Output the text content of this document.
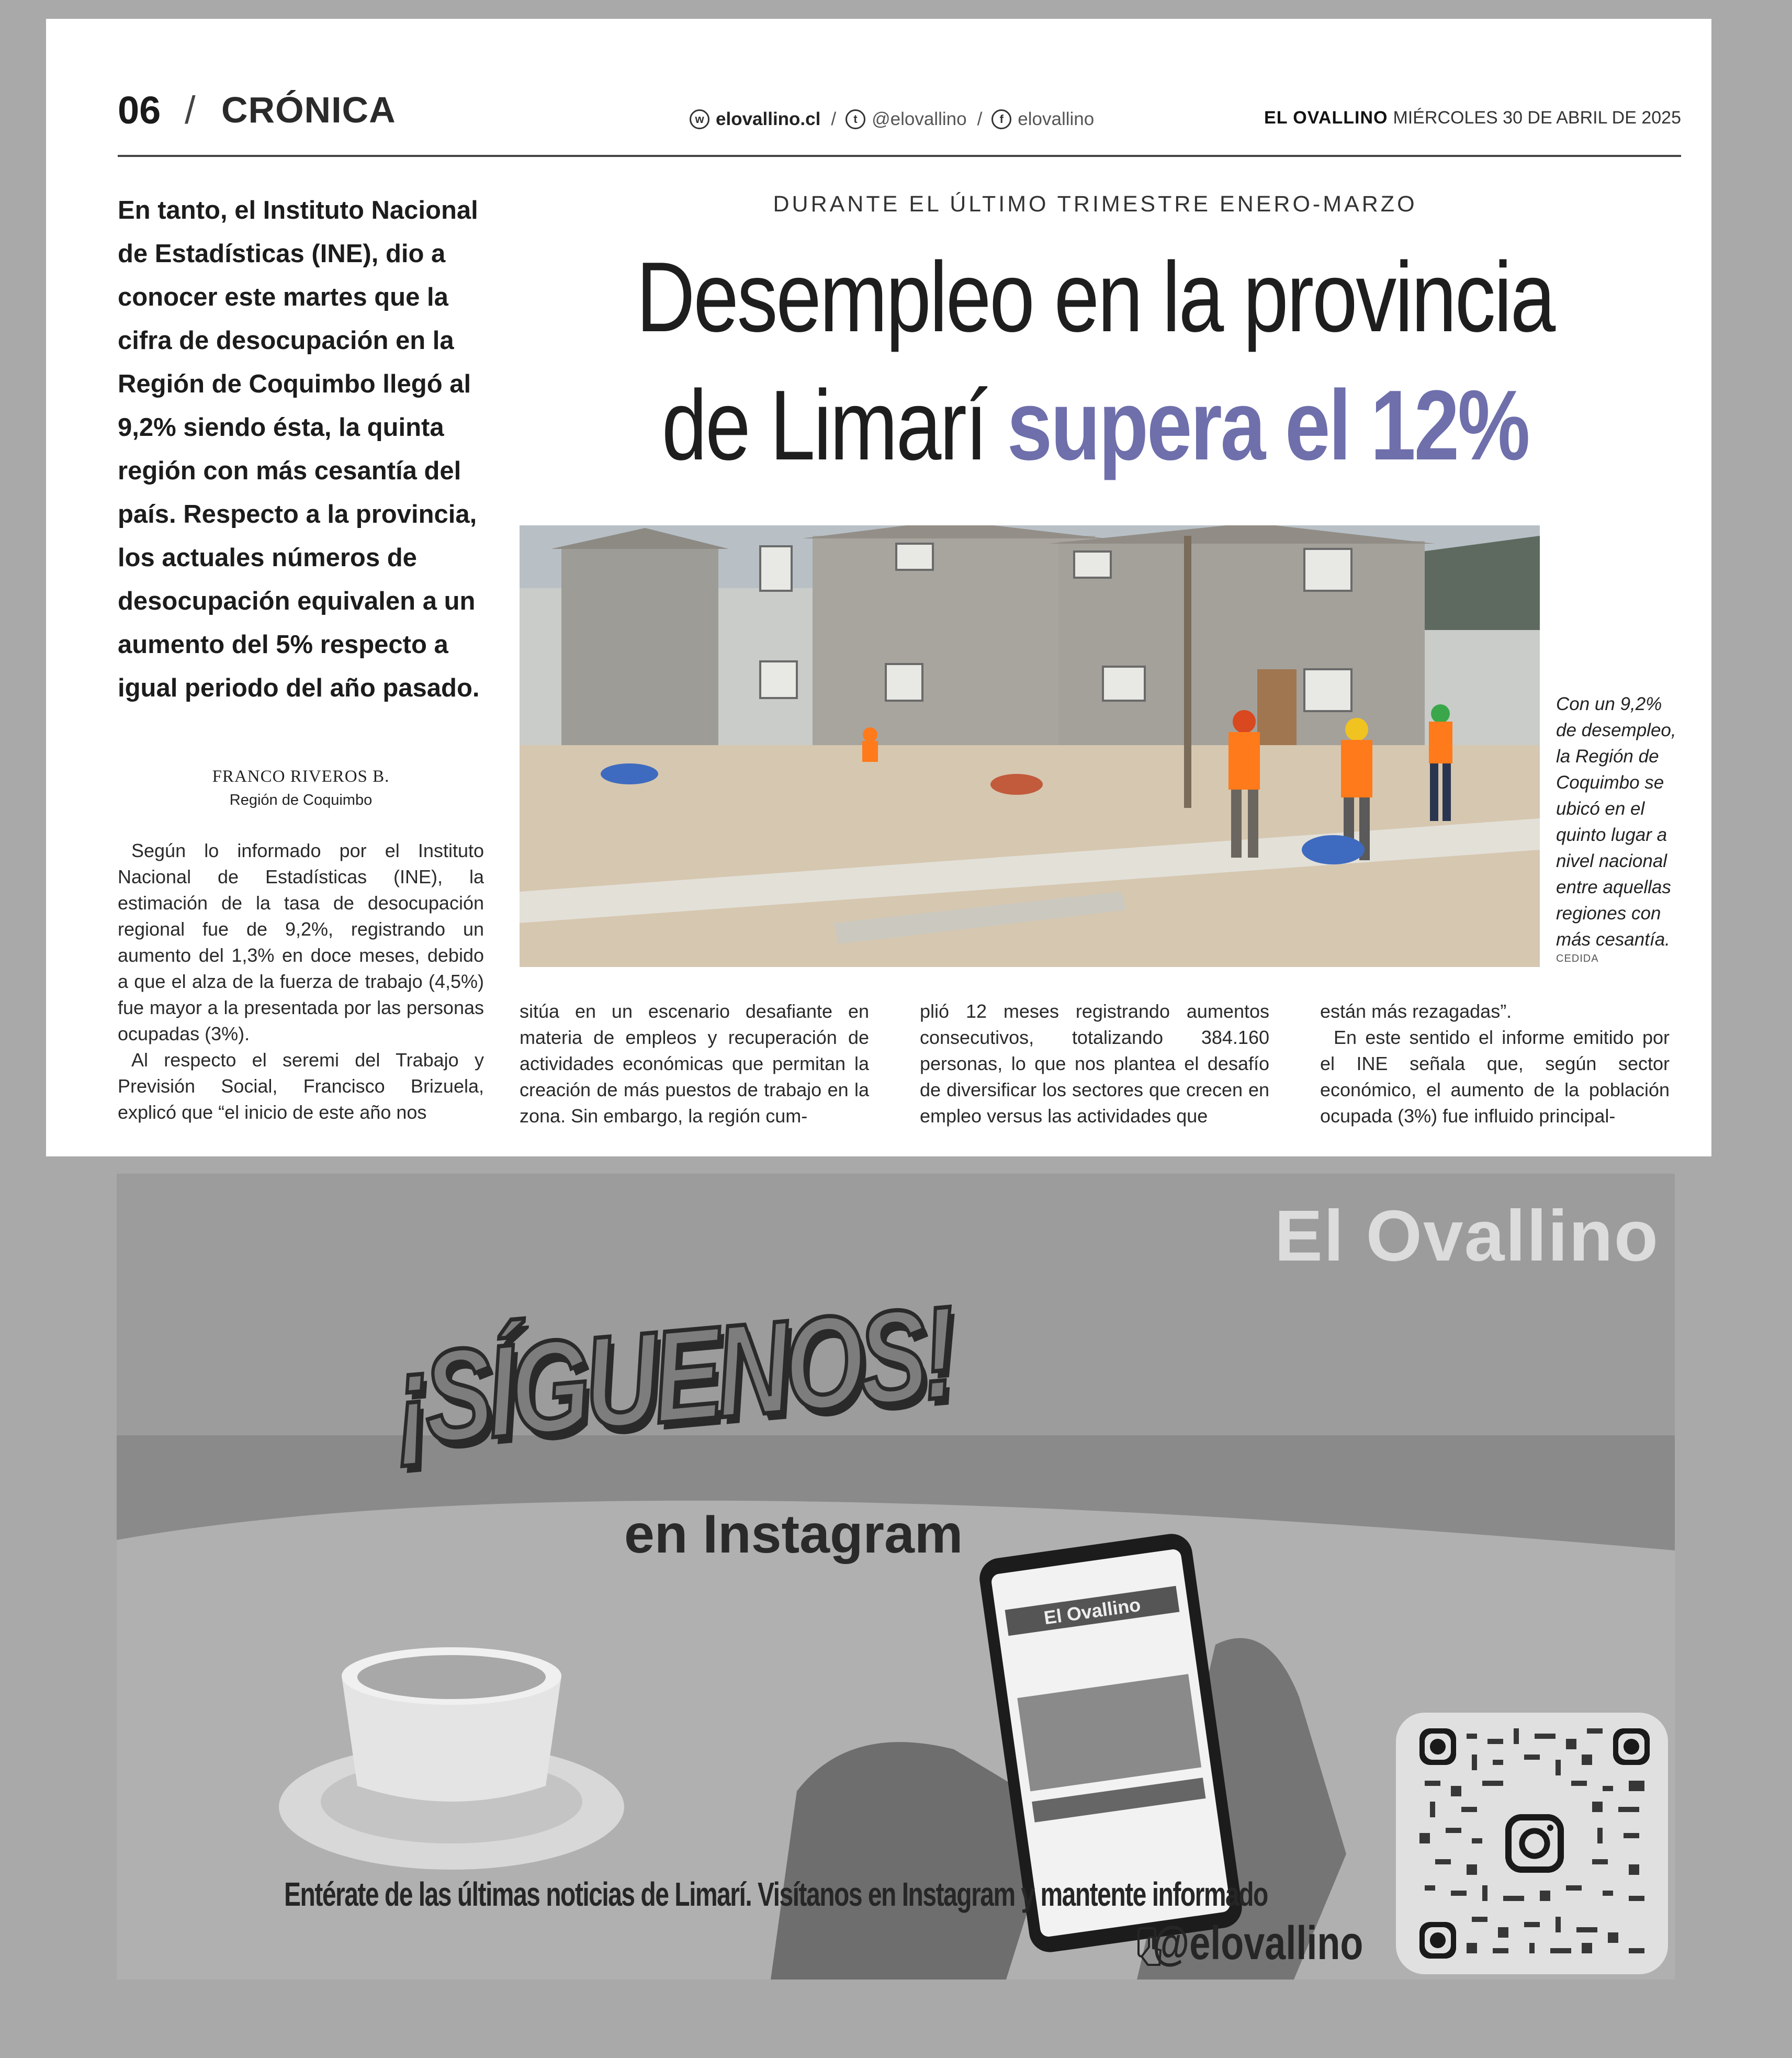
06 / CRÓNICA	w elovallino.cl /	t @elovallino /	f elovallino	EL OVALLINO MIÉRCOLES 30 DE ABRIL DE 2025

En tanto, el Instituto Nacional de Estadísticas (INE), dio a conocer este martes que la cifra de desocupación en la Región de Coquimbo llegó al 9,2% siendo ésta, la quinta región con más cesantía del país. Respecto a la provincia, los actuales números de desocupación equivalen a un aumento del 5% respecto a igual periodo del año pasado.

FRANCO RIVEROS B.
Región de Coquimbo
DURANTE EL ÚLTIMO TRIMESTRE ENERO-MARZO
Desempleo en la provincia
de Limarí supera el 12%

Con un 9,2% de desempleo, la Región de Coquimbo se ubicó en el quinto lugar a nivel nacional entre aquellas regiones con más cesantía.

CEDIDA

Según lo informado por el Instituto Nacional de Estadísticas (INE), la estimación de la tasa de desocupación regional fue de 9,2%, registrando un aumento del 1,3% en doce meses, debido a que el alza de la fuerza de trabajo (4,5%) fue mayor a la presentada por las personas ocupadas (3%).

Al respecto el seremi del Trabajo y Previsión Social, Francisco Brizuela, explicó que “el inicio de este año nos

sitúa en un escenario desafiante en materia de empleos y recuperación de actividades económicas que permitan la creación de más puestos de trabajo en la zona. Sin embargo, la región cum-

plió 12 meses registrando aumentos consecutivos, totalizando 384.160 personas, lo que nos plantea el desafío de diversificar los sectores que crecen en empleo versus las actividades que

están más rezagadas”.

En este sentido el informe emitido por el INE señala que, según sector económico, el aumento de la población ocupada (3%) fue influido principal-

El Ovallino
El Ovallino
¡SÍGUENOS!
en Instagram
Entérate de las últimas noticias de Limarí. Visítanos en Instagram y mantente informado
@elovallino
